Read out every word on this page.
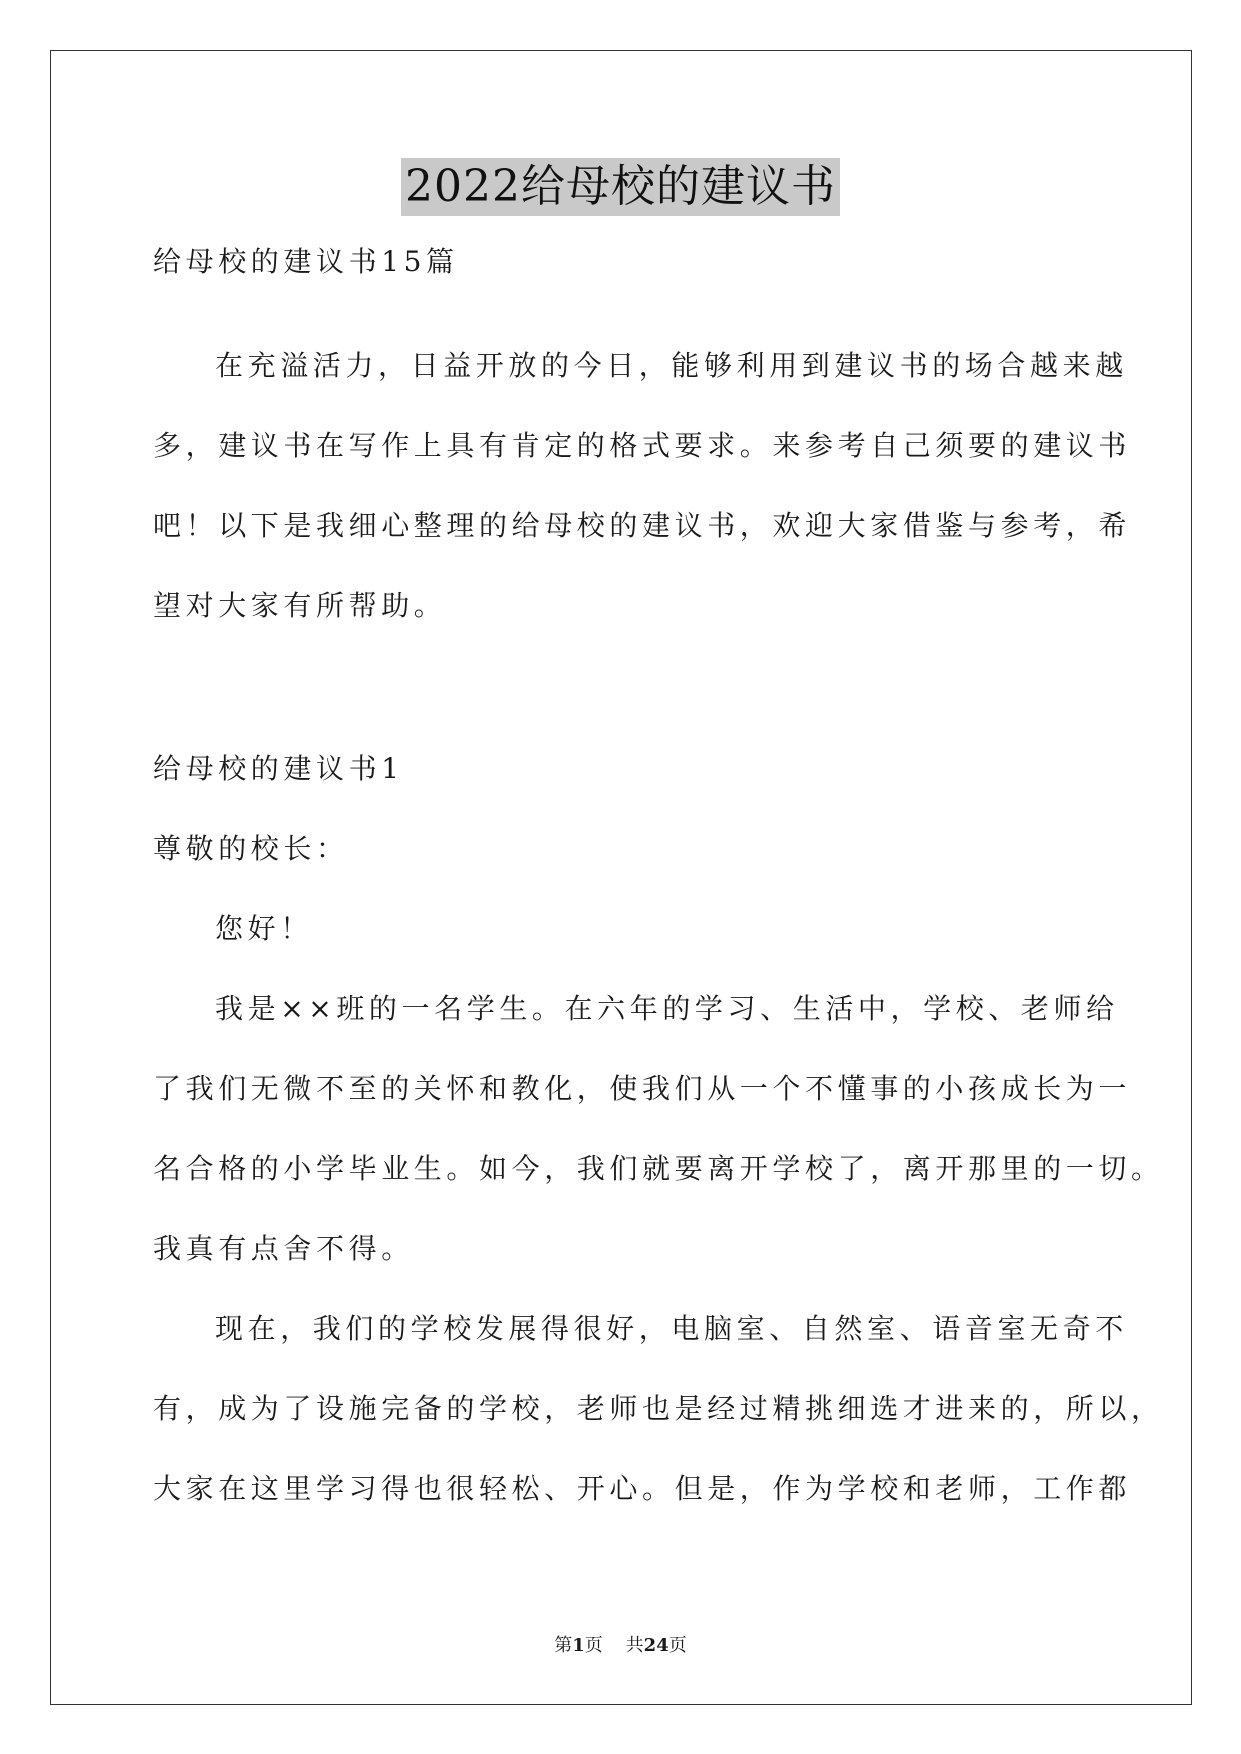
2022给母校的建议书
给母校的建议书15篇
在充溢活力，日益开放的今日，能够利用到建议书的场合越来越
多，建议书在写作上具有肯定的格式要求。来参考自己须要的建议书
吧！以下是我细心整理的给母校的建议书，欢迎大家借鉴与参考，希
望对大家有所帮助。
给母校的建议书1
尊敬的校长：
您好！
我是××班的一名学生。在六年的学习、生活中，学校、老师给
了我们无微不至的关怀和教化，使我们从一个不懂事的小孩成长为一
名合格的小学毕业生。如今，我们就要离开学校了，离开那里的一切。
我真有点舍不得。
现在，我们的学校发展得很好，电脑室、自然室、语音室无奇不
有，成为了设施完备的学校，老师也是经过精挑细选才进来的，所以，
大家在这里学习得也很轻松、开心。但是，作为学校和老师，工作都
第1页 共24页
